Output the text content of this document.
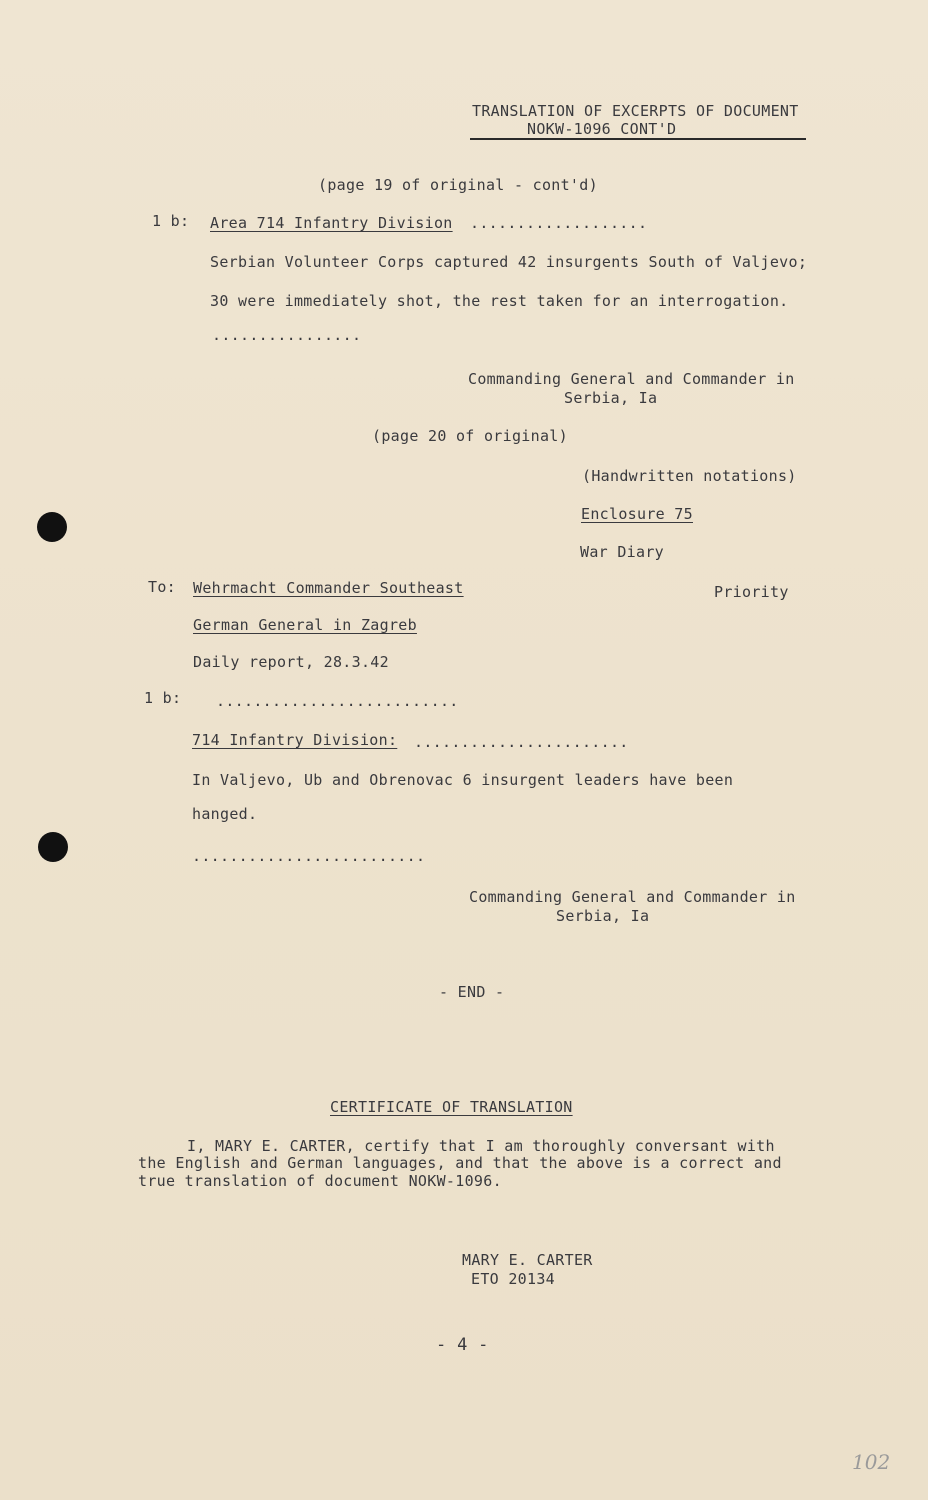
TRANSLATION OF EXCERPTS OF DOCUMENT
NOKW-1096 CONT'D
(page 19 of original - cont'd)
1 b: Area 714 Infantry Division ...................
Serbian Volunteer Corps captured 42 insurgents South of Valjevo;
30 were immediately shot, the rest taken for an interrogation.
................
Commanding General and Commander in
Serbia, Ia
(page 20 of original)
(Handwritten notations)
Enclosure 75
War Diary
To: Wehrmacht Commander Southeast	Priority
German General in Zagreb
Daily report, 28.3.42
1 b: ..........................
714 Infantry Division: .......................
In Valjevo, Ub and Obrenovac 6 insurgent leaders have been
hanged.
.........................
Commanding General and Commander in
Serbia, Ia
- END -
CERTIFICATE OF TRANSLATION
I, MARY E. CARTER, certify that I am thoroughly conversant with
the English and German languages, and that the above is a correct and
true translation of document NOKW-1096.
MARY E. CARTER
ETO 20134
- 4 -
102
